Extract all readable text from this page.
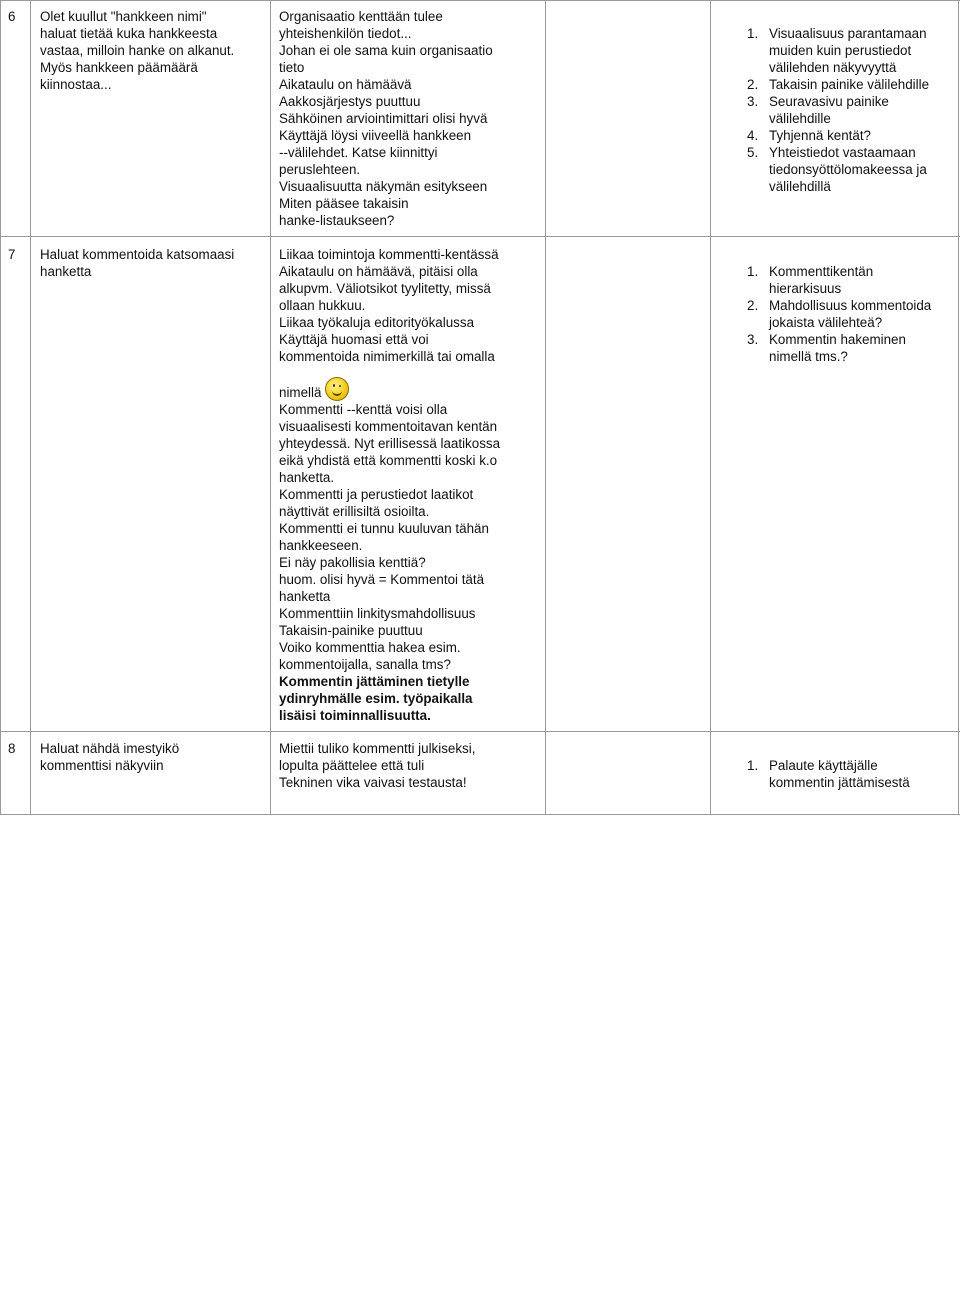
6 Olet kuullut "hankkeen nimi"
haluat tietää kuka hankkeesta
vastaa, milloin hanke on alkanut.
Myös hankkeen päämäärä
kiinnostaa...
Organisaatio kenttään tulee
yhteishenkilön tiedot...
Johan ei ole sama kuin organisaatio
tieto
Aikataulu on hämäävä
Aakkosjärjestys puuttuu
Sähköinen arviointimittari olisi hyvä
Käyttäjä löysi viiveellä hankkeen
--välilehdet. Katse kiinnittyi
peruslehteen.
Visuaalisuutta näkymän esitykseen
Miten pääsee takaisin
hanke-listaukseen?
1. Visuaalisuus parantamaan
muiden kuin perustiedot
välilehden näkyvyyttä
2. Takaisin painike välilehdille
3. Seuravasivu painike
välilehdille
4. Tyhjennä kentät?
5. Yhteistiedot vastaamaan
tiedonsyöttölomakeessa ja
välilehdillä
7 Haluat kommentoida katsomaasi
hanketta
Liikaa toimintoja kommentti-kentässä
Aikataulu on hämäävä, pitäisi olla
alkupvm. Väliotsikot tyylitetty, missä
ollaan hukkuu.
Liikaa työkaluja editorityökalussa
Käyttäjä huomasi että voi
kommentoida nimimerkillä tai omalla
nimellä
Kommentti --kenttä voisi olla
visuaalisesti kommentoitavan kentän
yhteydessä. Nyt erillisessä laatikossa
eikä yhdistä että kommentti koski k.o
hanketta.
Kommentti ja perustiedot laatikot
näyttivät erillisiltä osioilta.
Kommentti ei tunnu kuuluvan tähän
hankkeeseen.
Ei näy pakollisia kenttiä?
huom. olisi hyvä = Kommentoi tätä
hanketta
Kommenttiin linkitysmahdollisuus
Takaisin-painike puuttuu
Voiko kommenttia hakea esim.
kommentoijalla, sanalla tms?
Kommentin jättäminen tietylle
ydinryhmälle esim. työpaikalla
lisäisi toiminnallisuutta.
1. Kommenttikentän
hierarkisuus
2. Mahdollisuus kommentoida
jokaista välilehteä?
3. Kommentin hakeminen
nimellä tms.?
8 Haluat nähdä imestyikö
kommenttisi näkyviin
Miettii tuliko kommentti julkiseksi,
lopulta päättelee että tuli
Tekninen vika vaivasi testausta!
1. Palaute käyttäjälle
kommentin jättämisestä
